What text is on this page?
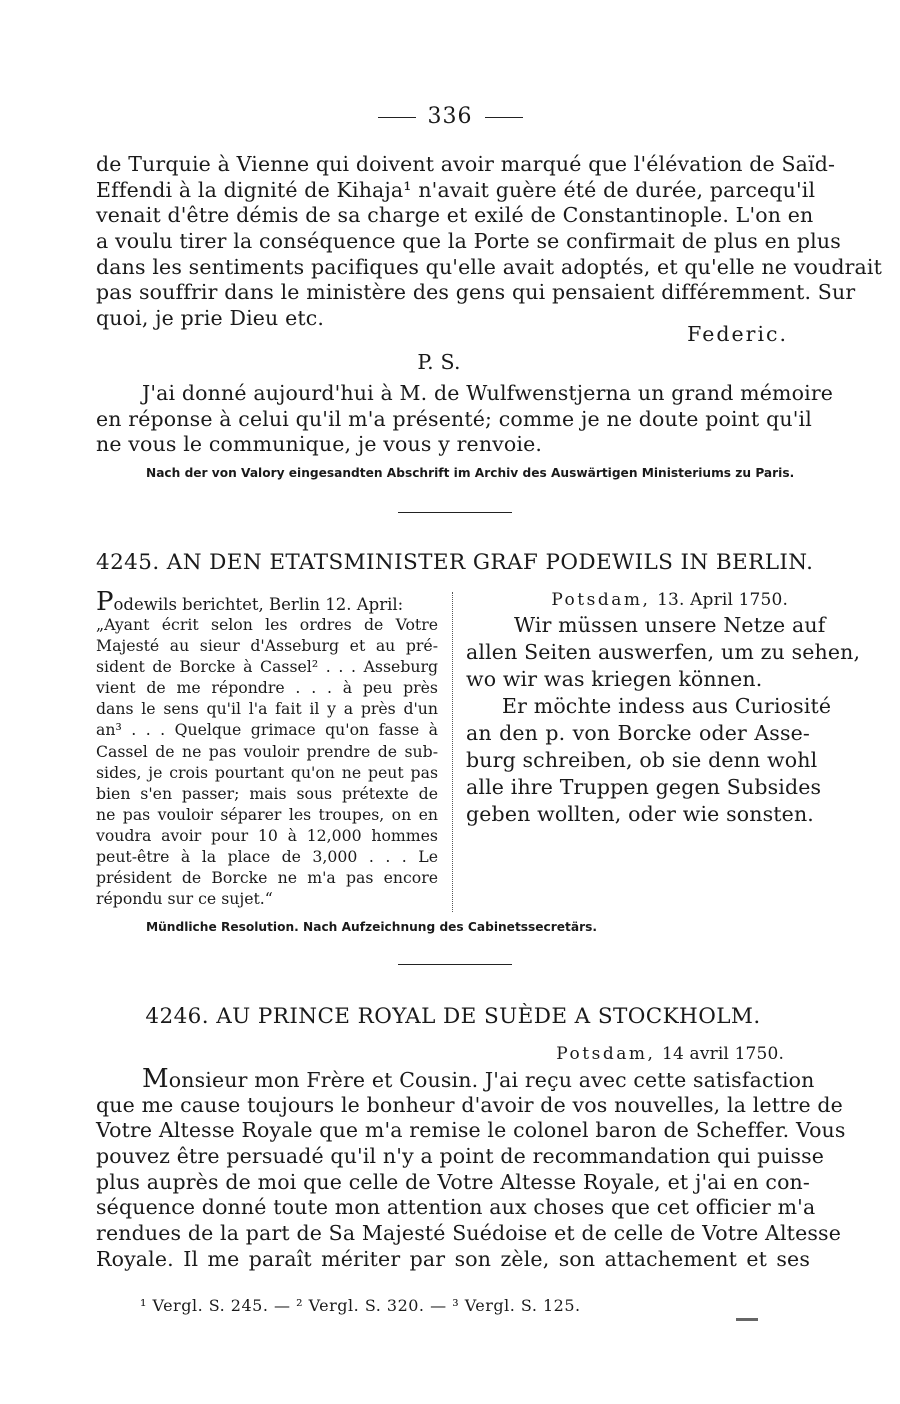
336
de Turquie à Vienne qui doivent avoir marqué que l'élévation de Saïd-
Effendi à la dignité de Kihaja¹ n'avait guère été de durée, parcequ'il
venait d'être démis de sa charge et exilé de Constantinople. L'on en
a voulu tirer la conséquence que la Porte se confirmait de plus en plus
dans les sentiments pacifiques qu'elle avait adoptés, et qu'elle ne voudrait
pas souffrir dans le ministère des gens qui pensaient différemment. Sur
quoi, je prie Dieu etc.
Federic.
P. S.
J'ai donné aujourd'hui à M. de Wulfwenstjerna un grand mémoire
en réponse à celui qu'il m'a présenté; comme je ne doute point qu'il
ne vous le communique, je vous y renvoie.
Nach der von Valory eingesandten Abschrift im Archiv des Auswärtigen Ministeriums zu Paris.
4245. AN DEN ETATSMINISTER GRAF PODEWILS IN BERLIN.
Podewils berichtet, Berlin 12. April:
„Ayant écrit selon les ordres de Votre
Majesté au sieur d'Asseburg et au pré-
sident de Borcke à Cassel² . . . Asseburg
vient de me répondre . . . à peu près
dans le sens qu'il l'a fait il y a près d'un
an³ . . . Quelque grimace qu'on fasse à
Cassel de ne pas vouloir prendre de sub-
sides, je crois pourtant qu'on ne peut pas
bien s'en passer; mais sous prétexte de
ne pas vouloir séparer les troupes, on en
voudra avoir pour 10 à 12,000 hommes
peut-être à la place de 3,000 . . . Le
président de Borcke ne m'a pas encore
répondu sur ce sujet.“
Potsdam, 13. April 1750.
Wir müssen unsere Netze auf
allen Seiten auswerfen, um zu sehen,
wo wir was kriegen können.
Er möchte indess aus Curiosité
an den p. von Borcke oder Asse-
burg schreiben, ob sie denn wohl
alle ihre Truppen gegen Subsides
geben wollten, oder wie sonsten.
Mündliche Resolution. Nach Aufzeichnung des Cabinetssecretärs.
4246. AU PRINCE ROYAL DE SUÈDE A STOCKHOLM.
Potsdam, 14 avril 1750.
Monsieur mon Frère et Cousin. J'ai reçu avec cette satisfaction
que me cause toujours le bonheur d'avoir de vos nouvelles, la lettre de
Votre Altesse Royale que m'a remise le colonel baron de Scheffer. Vous
pouvez être persuadé qu'il n'y a point de recommandation qui puisse
plus auprès de moi que celle de Votre Altesse Royale, et j'ai en con-
séquence donné toute mon attention aux choses que cet officier m'a
rendues de la part de Sa Majesté Suédoise et de celle de Votre Altesse
Royale. Il me paraît mériter par son zèle, son attachement et ses
¹ Vergl. S. 245. — ² Vergl. S. 320. — ³ Vergl. S. 125.
